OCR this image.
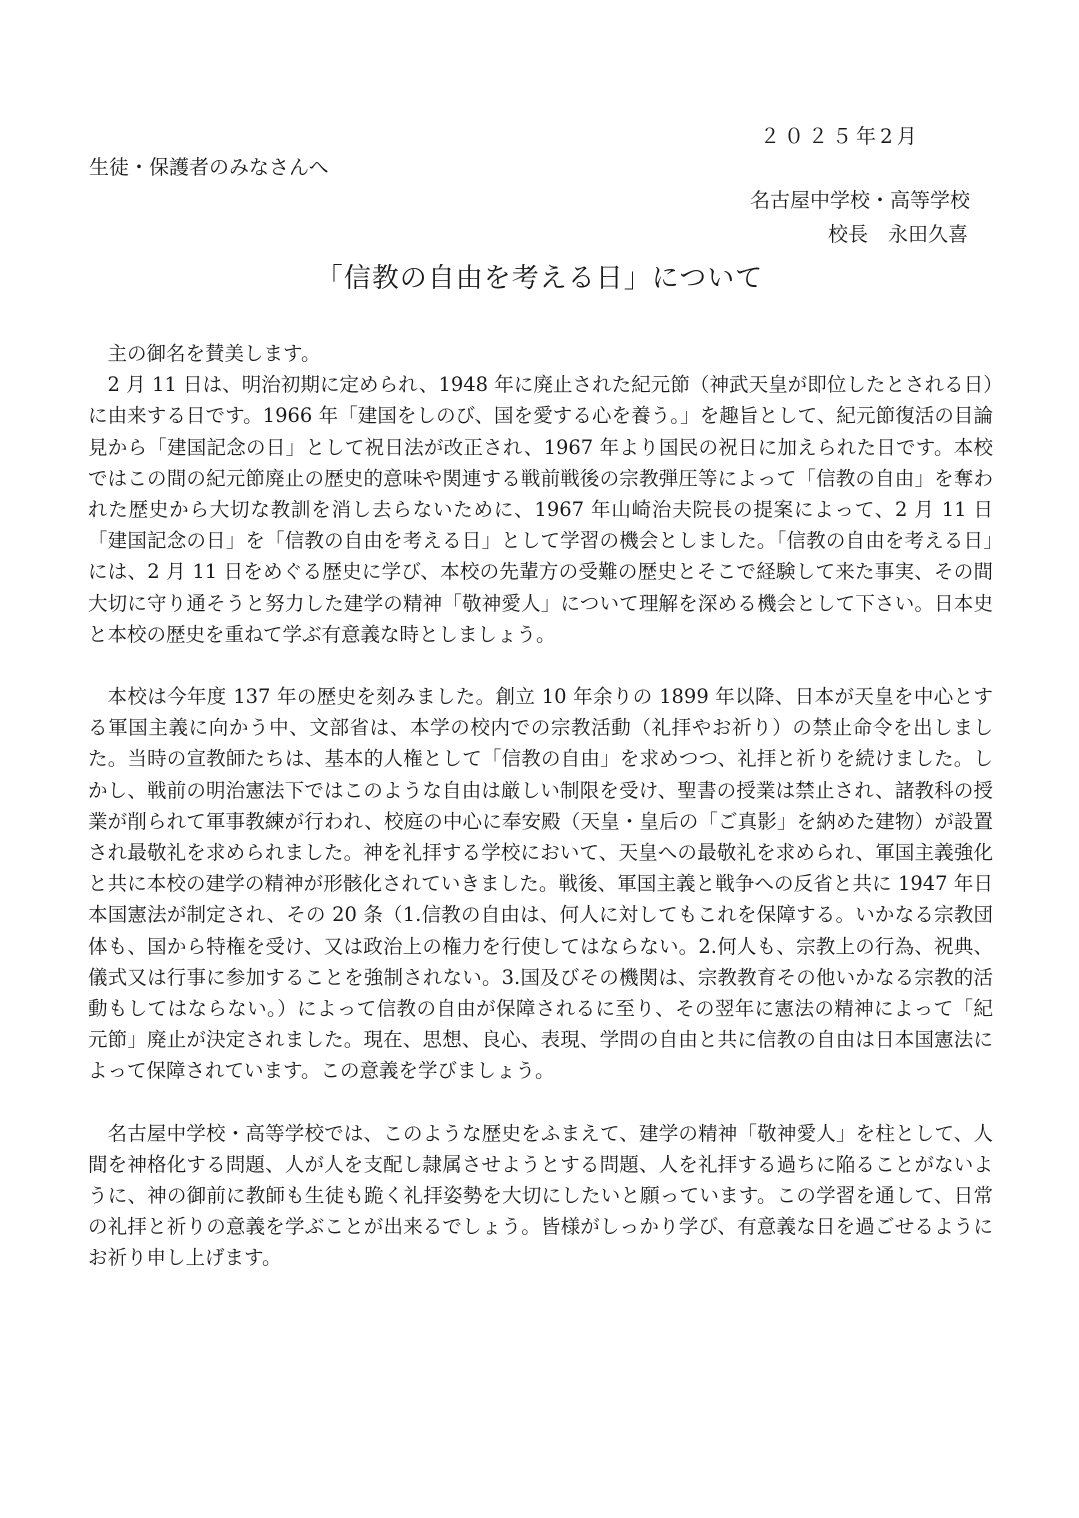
２０２５年2月
生徒・保護者のみなさんへ
名古屋中学校・高等学校
校長　永田久喜
「信教の自由を考える日」について

主の御名を賛美します。

2 月 11 日は、明治初期に定められ、1948 年に廃止された紀元節（神武天皇が即位したとされる日）に由来する日です。1966 年「建国をしのび、国を愛する心を養う。」を趣旨として、紀元節復活の目論見から「建国記念の日」として祝日法が改正され、1967 年より国民の祝日に加えられた日です。本校ではこの間の紀元節廃止の歴史的意味や関連する戦前戦後の宗教弾圧等によって「信教の自由」を奪われた歴史から大切な教訓を消し去らないために、1967 年山崎治夫院長の提案によって、2 月 11 日「建国記念の日」を「信教の自由を考える日」として学習の機会としました。「信教の自由を考える日」には、2 月 11 日をめぐる歴史に学び、本校の先輩方の受難の歴史とそこで経験して来た事実、その間大切に守り通そうと努力した建学の精神「敬神愛人」について理解を深める機会として下さい。日本史と本校の歴史を重ねて学ぶ有意義な時としましょう。

本校は今年度 137 年の歴史を刻みました。創立 10 年余りの 1899 年以降、日本が天皇を中心とする軍国主義に向かう中、文部省は、本学の校内での宗教活動（礼拝やお祈り）の禁止命令を出しました。当時の宣教師たちは、基本的人権として「信教の自由」を求めつつ、礼拝と祈りを続けました。しかし、戦前の明治憲法下ではこのような自由は厳しい制限を受け、聖書の授業は禁止され、諸教科の授業が削られて軍事教練が行われ、校庭の中心に奉安殿（天皇・皇后の「ご真影」を納めた建物）が設置され最敬礼を求められました。神を礼拝する学校において、天皇への最敬礼を求められ、軍国主義強化と共に本校の建学の精神が形骸化されていきました。戦後、軍国主義と戦争への反省と共に 1947 年日本国憲法が制定され、その 20 条（1.信教の自由は、何人に対してもこれを保障する。いかなる宗教団体も、国から特権を受け、又は政治上の権力を行使してはならない。2.何人も、宗教上の行為、祝典、儀式又は行事に参加することを強制されない。3.国及びその機関は、宗教教育その他いかなる宗教的活動もしてはならない。）によって信教の自由が保障されるに至り、その翌年に憲法の精神によって「紀元節」廃止が決定されました。現在、思想、良心、表現、学問の自由と共に信教の自由は日本国憲法によって保障されています。この意義を学びましょう。

名古屋中学校・高等学校では、このような歴史をふまえて、建学の精神「敬神愛人」を柱として、人間を神格化する問題、人が人を支配し隷属させようとする問題、人を礼拝する過ちに陥ることがないように、神の御前に教師も生徒も跪く礼拝姿勢を大切にしたいと願っています。この学習を通して、日常の礼拝と祈りの意義を学ぶことが出来るでしょう。皆様がしっかり学び、有意義な日を過ごせるようにお祈り申し上げます。
